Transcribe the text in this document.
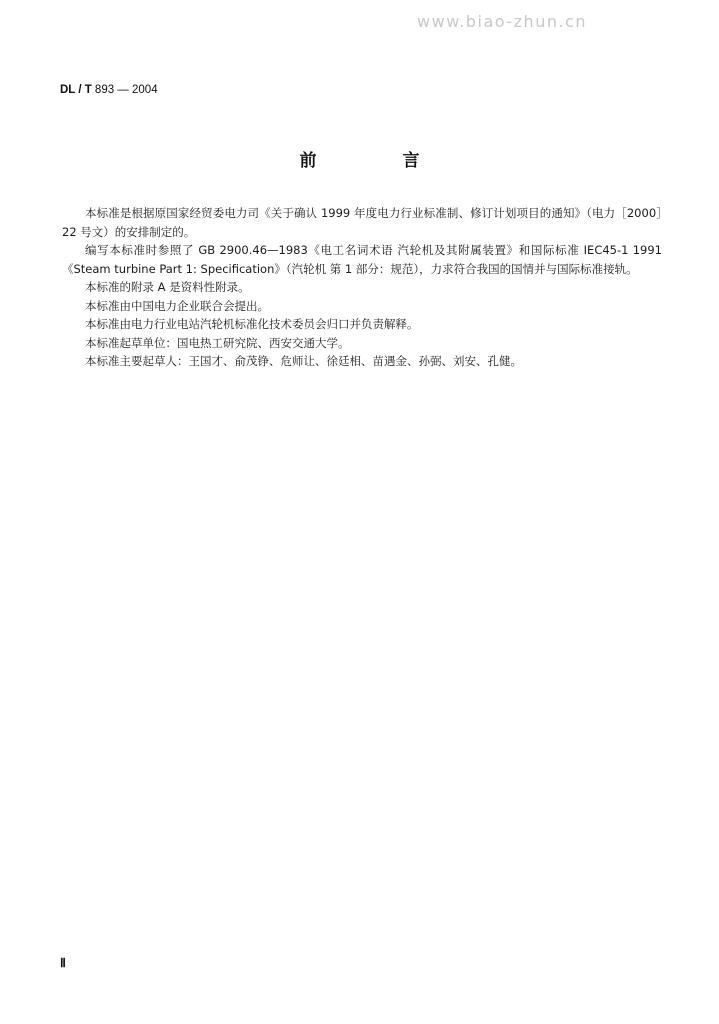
www.biao-zhun.cn
DL / T 893 — 2004
前 言

本标准是根据原国家经贸委电力司《关于确认 1999 年度电力行业标准制、修订计划项目的通知》（电力［2000］22 号文）的安排制定的。

编写本标准时参照了 GB 2900.46—1983《电工名词术语 汽轮机及其附属装置》和国际标准 IEC45-1 1991《Steam turbine Part 1: Specification》（汽轮机 第 1 部分：规范），力求符合我国的国情并与国际标准接轨。

本标准的附录 A 是资料性附录。

本标准由中国电力企业联合会提出。

本标准由电力行业电站汽轮机标准化技术委员会归口并负责解释。

本标准起草单位：国电热工研究院、西安交通大学。

本标准主要起草人：王国才、俞茂铮、危师让、徐廷相、苗遇金、孙弼、刘安、孔健。

Ⅱ
